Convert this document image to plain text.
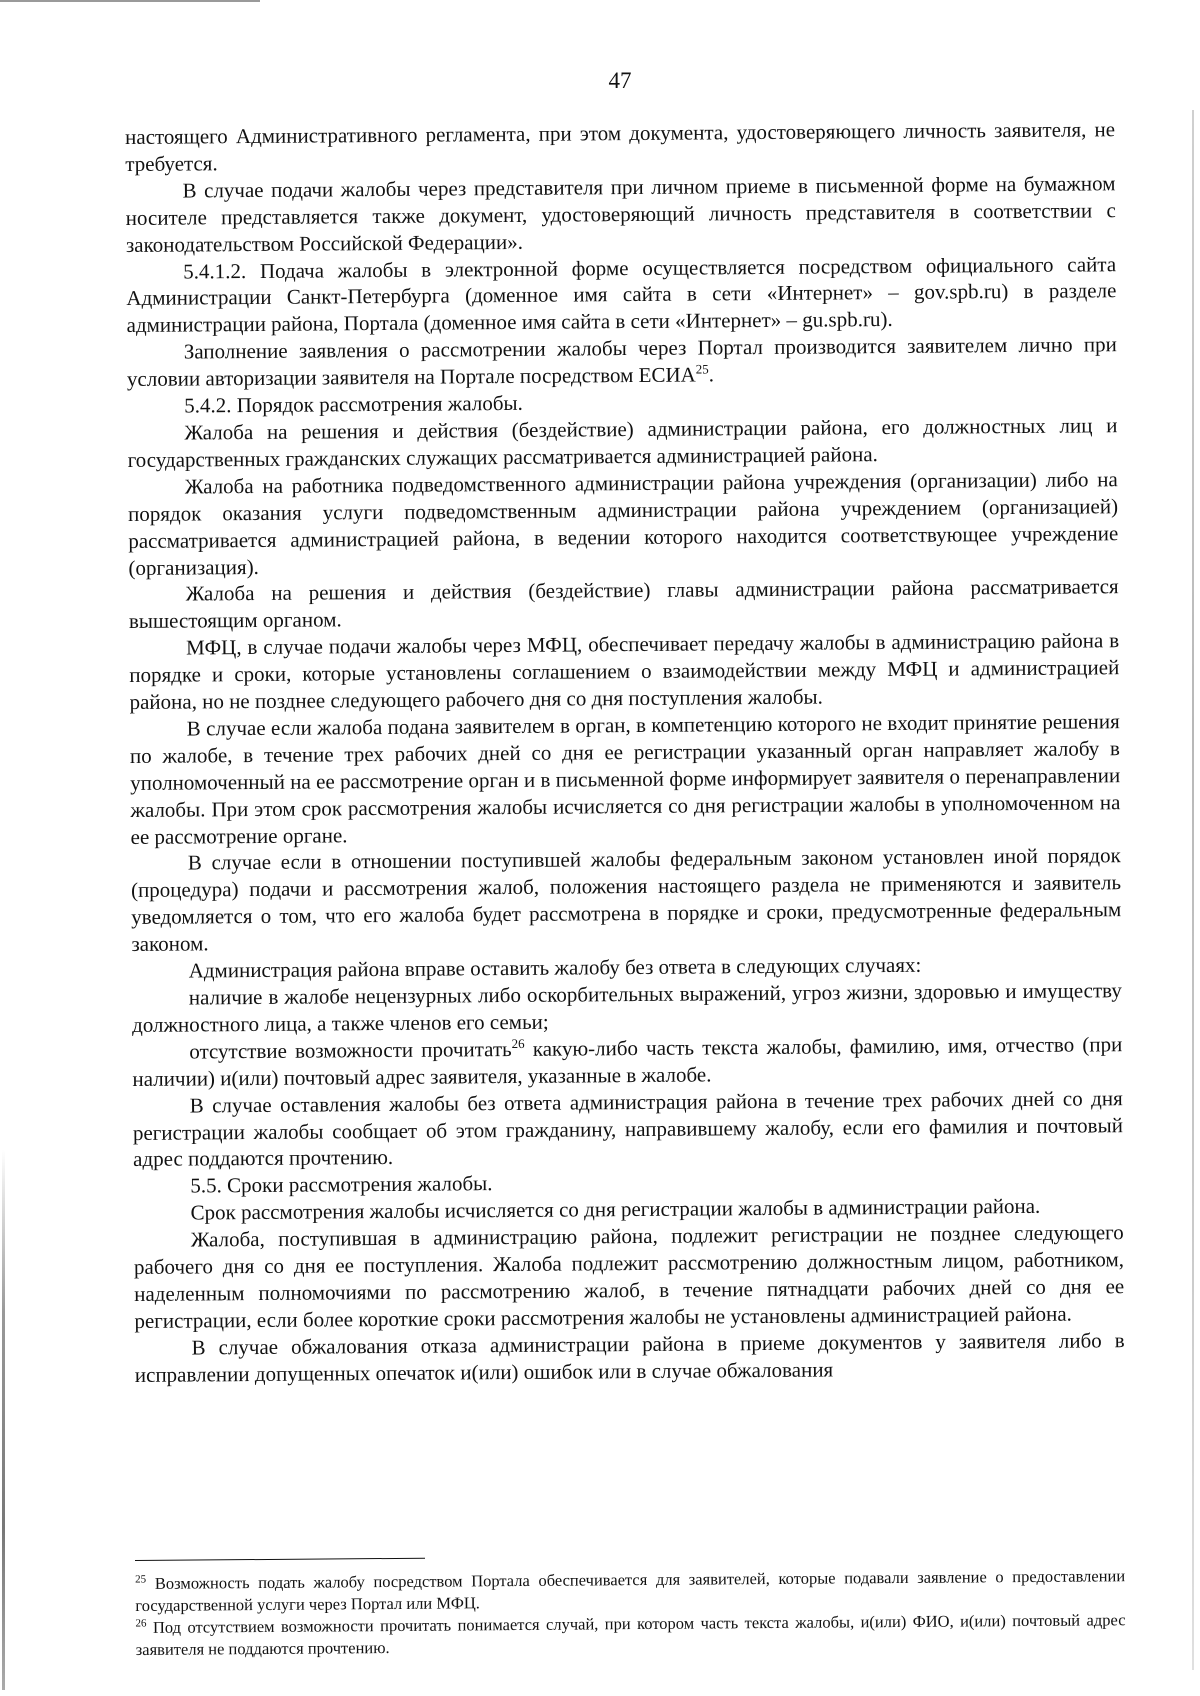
47

настоящего Административного регламента, при этом документа, удостоверяющего личность заявителя, не требуется.

В случае подачи жалобы через представителя при личном приеме в письменной форме на бумажном носителе представляется также документ, удостоверяющий личность представителя в соответствии с законодательством Российской Федерации».

5.4.1.2. Подача жалобы в электронной форме осуществляется посредством официального сайта Администрации Санкт-Петербурга (доменное имя сайта в сети «Интернет» – gov.spb.ru) в разделе администрации района, Портала (доменное имя сайта в сети «Интернет» – gu.spb.ru).

Заполнение заявления о рассмотрении жалобы через Портал производится заявителем лично при условии авторизации заявителя на Портале посредством ЕСИА$^{25}$.

5.4.2. Порядок рассмотрения жалобы.

Жалоба на решения и действия (бездействие) администрации района, его должностных лиц и государственных гражданских служащих рассматривается администрацией района.

Жалоба на работника подведомственного администрации района учреждения (организации) либо на порядок оказания услуги подведомственным администрации района учреждением (организацией) рассматривается администрацией района, в ведении которого находится соответствующее учреждение (организация).

Жалоба на решения и действия (бездействие) главы администрации района рассматривается вышестоящим органом.

МФЦ, в случае подачи жалобы через МФЦ, обеспечивает передачу жалобы в администрацию района в порядке и сроки, которые установлены соглашением о взаимодействии между МФЦ и администрацией района, но не позднее следующего рабочего дня со дня поступления жалобы.

В случае если жалоба подана заявителем в орган, в компетенцию которого не входит принятие решения по жалобе, в течение трех рабочих дней со дня ее регистрации указанный орган направляет жалобу в уполномоченный на ее рассмотрение орган и в письменной форме информирует заявителя о перенаправлении жалобы. При этом срок рассмотрения жалобы исчисляется со дня регистрации жалобы в уполномоченном на ее рассмотрение органе.

В случае если в отношении поступившей жалобы федеральным законом установлен иной порядок (процедура) подачи и рассмотрения жалоб, положения настоящего раздела не применяются и заявитель уведомляется о том, что его жалоба будет рассмотрена в порядке и сроки, предусмотренные федеральным законом.

Администрация района вправе оставить жалобу без ответа в следующих случаях:

наличие в жалобе нецензурных либо оскорбительных выражений, угроз жизни, здоровью и имуществу должностного лица, а также членов его семьи;

отсутствие возможности прочитать$^{26}$ какую-либо часть текста жалобы, фамилию, имя, отчество (при наличии) и(или) почтовый адрес заявителя, указанные в жалобе.

В случае оставления жалобы без ответа администрация района в течение трех рабочих дней со дня регистрации жалобы сообщает об этом гражданину, направившему жалобу, если его фамилия и почтовый адрес поддаются прочтению.

5.5. Сроки рассмотрения жалобы.

Срок рассмотрения жалобы исчисляется со дня регистрации жалобы в администрации района.

Жалоба, поступившая в администрацию района, подлежит регистрации не позднее следующего рабочего дня со дня ее поступления. Жалоба подлежит рассмотрению должностным лицом, работником, наделенным полномочиями по рассмотрению жалоб, в течение пятнадцати рабочих дней со дня ее регистрации, если более короткие сроки рассмотрения жалобы не установлены администрацией района.

В случае обжалования отказа администрации района в приеме документов у заявителя либо в исправлении допущенных опечаток и(или) ошибок или в случае обжалования

$^{25}$ Возможность подать жалобу посредством Портала обеспечивается для заявителей, которые подавали заявление о предоставлении государственной услуги через Портал или МФЦ.

$^{26}$ Под отсутствием возможности прочитать понимается случай, при котором часть текста жалобы, и(или) ФИО, и(или) почтовый адрес заявителя не поддаются прочтению.
